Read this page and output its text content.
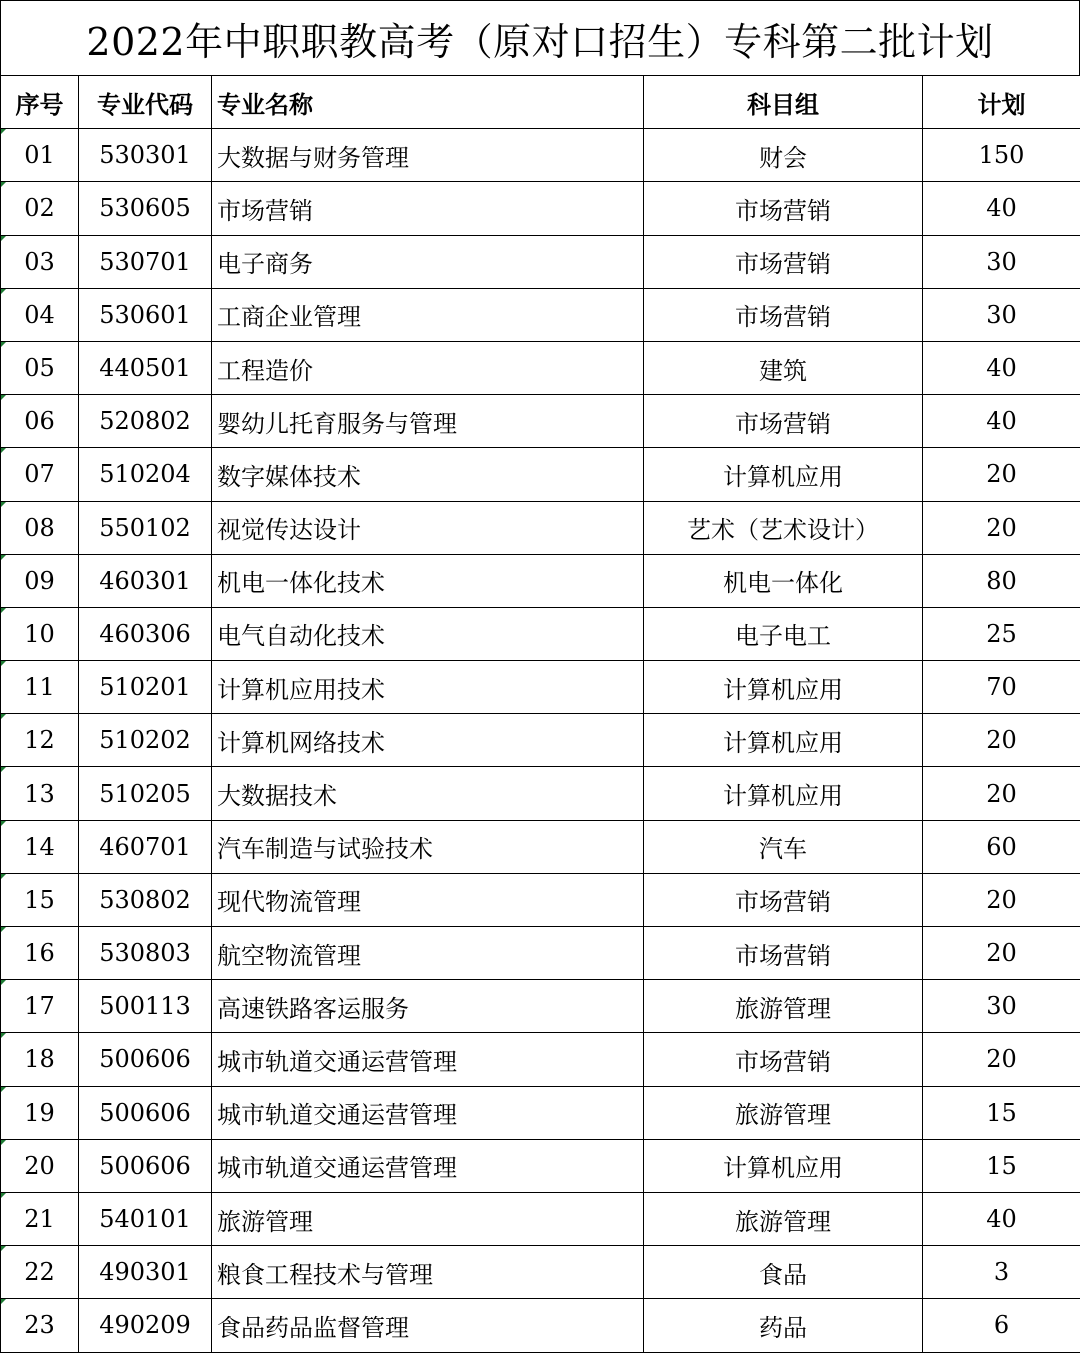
2022年中职职教高考（原对口招生）专科第二批计划
序号	专业代码	专业名称	科目组	计划
01	530301	大数据与财务管理	财会	150
02	530605	市场营销	市场营销	40
03	530701	电子商务	市场营销	30
04	530601	工商企业管理	市场营销	30
05	440501	工程造价	建筑	40
06	520802	婴幼儿托育服务与管理	市场营销	40
07	510204	数字媒体技术	计算机应用	20
08	550102	视觉传达设计	艺术（艺术设计）	20
09	460301	机电一体化技术	机电一体化	80
10	460306	电气自动化技术	电子电工	25
11	510201	计算机应用技术	计算机应用	70
12	510202	计算机网络技术	计算机应用	20
13	510205	大数据技术	计算机应用	20
14	460701	汽车制造与试验技术	汽车	60
15	530802	现代物流管理	市场营销	20
16	530803	航空物流管理	市场营销	20
17	500113	高速铁路客运服务	旅游管理	30
18	500606	城市轨道交通运营管理	市场营销	20
19	500606	城市轨道交通运营管理	旅游管理	15
20	500606	城市轨道交通运营管理	计算机应用	15
21	540101	旅游管理	旅游管理	40
22	490301	粮食工程技术与管理	食品	3
23	490209	食品药品监督管理	药品	6
